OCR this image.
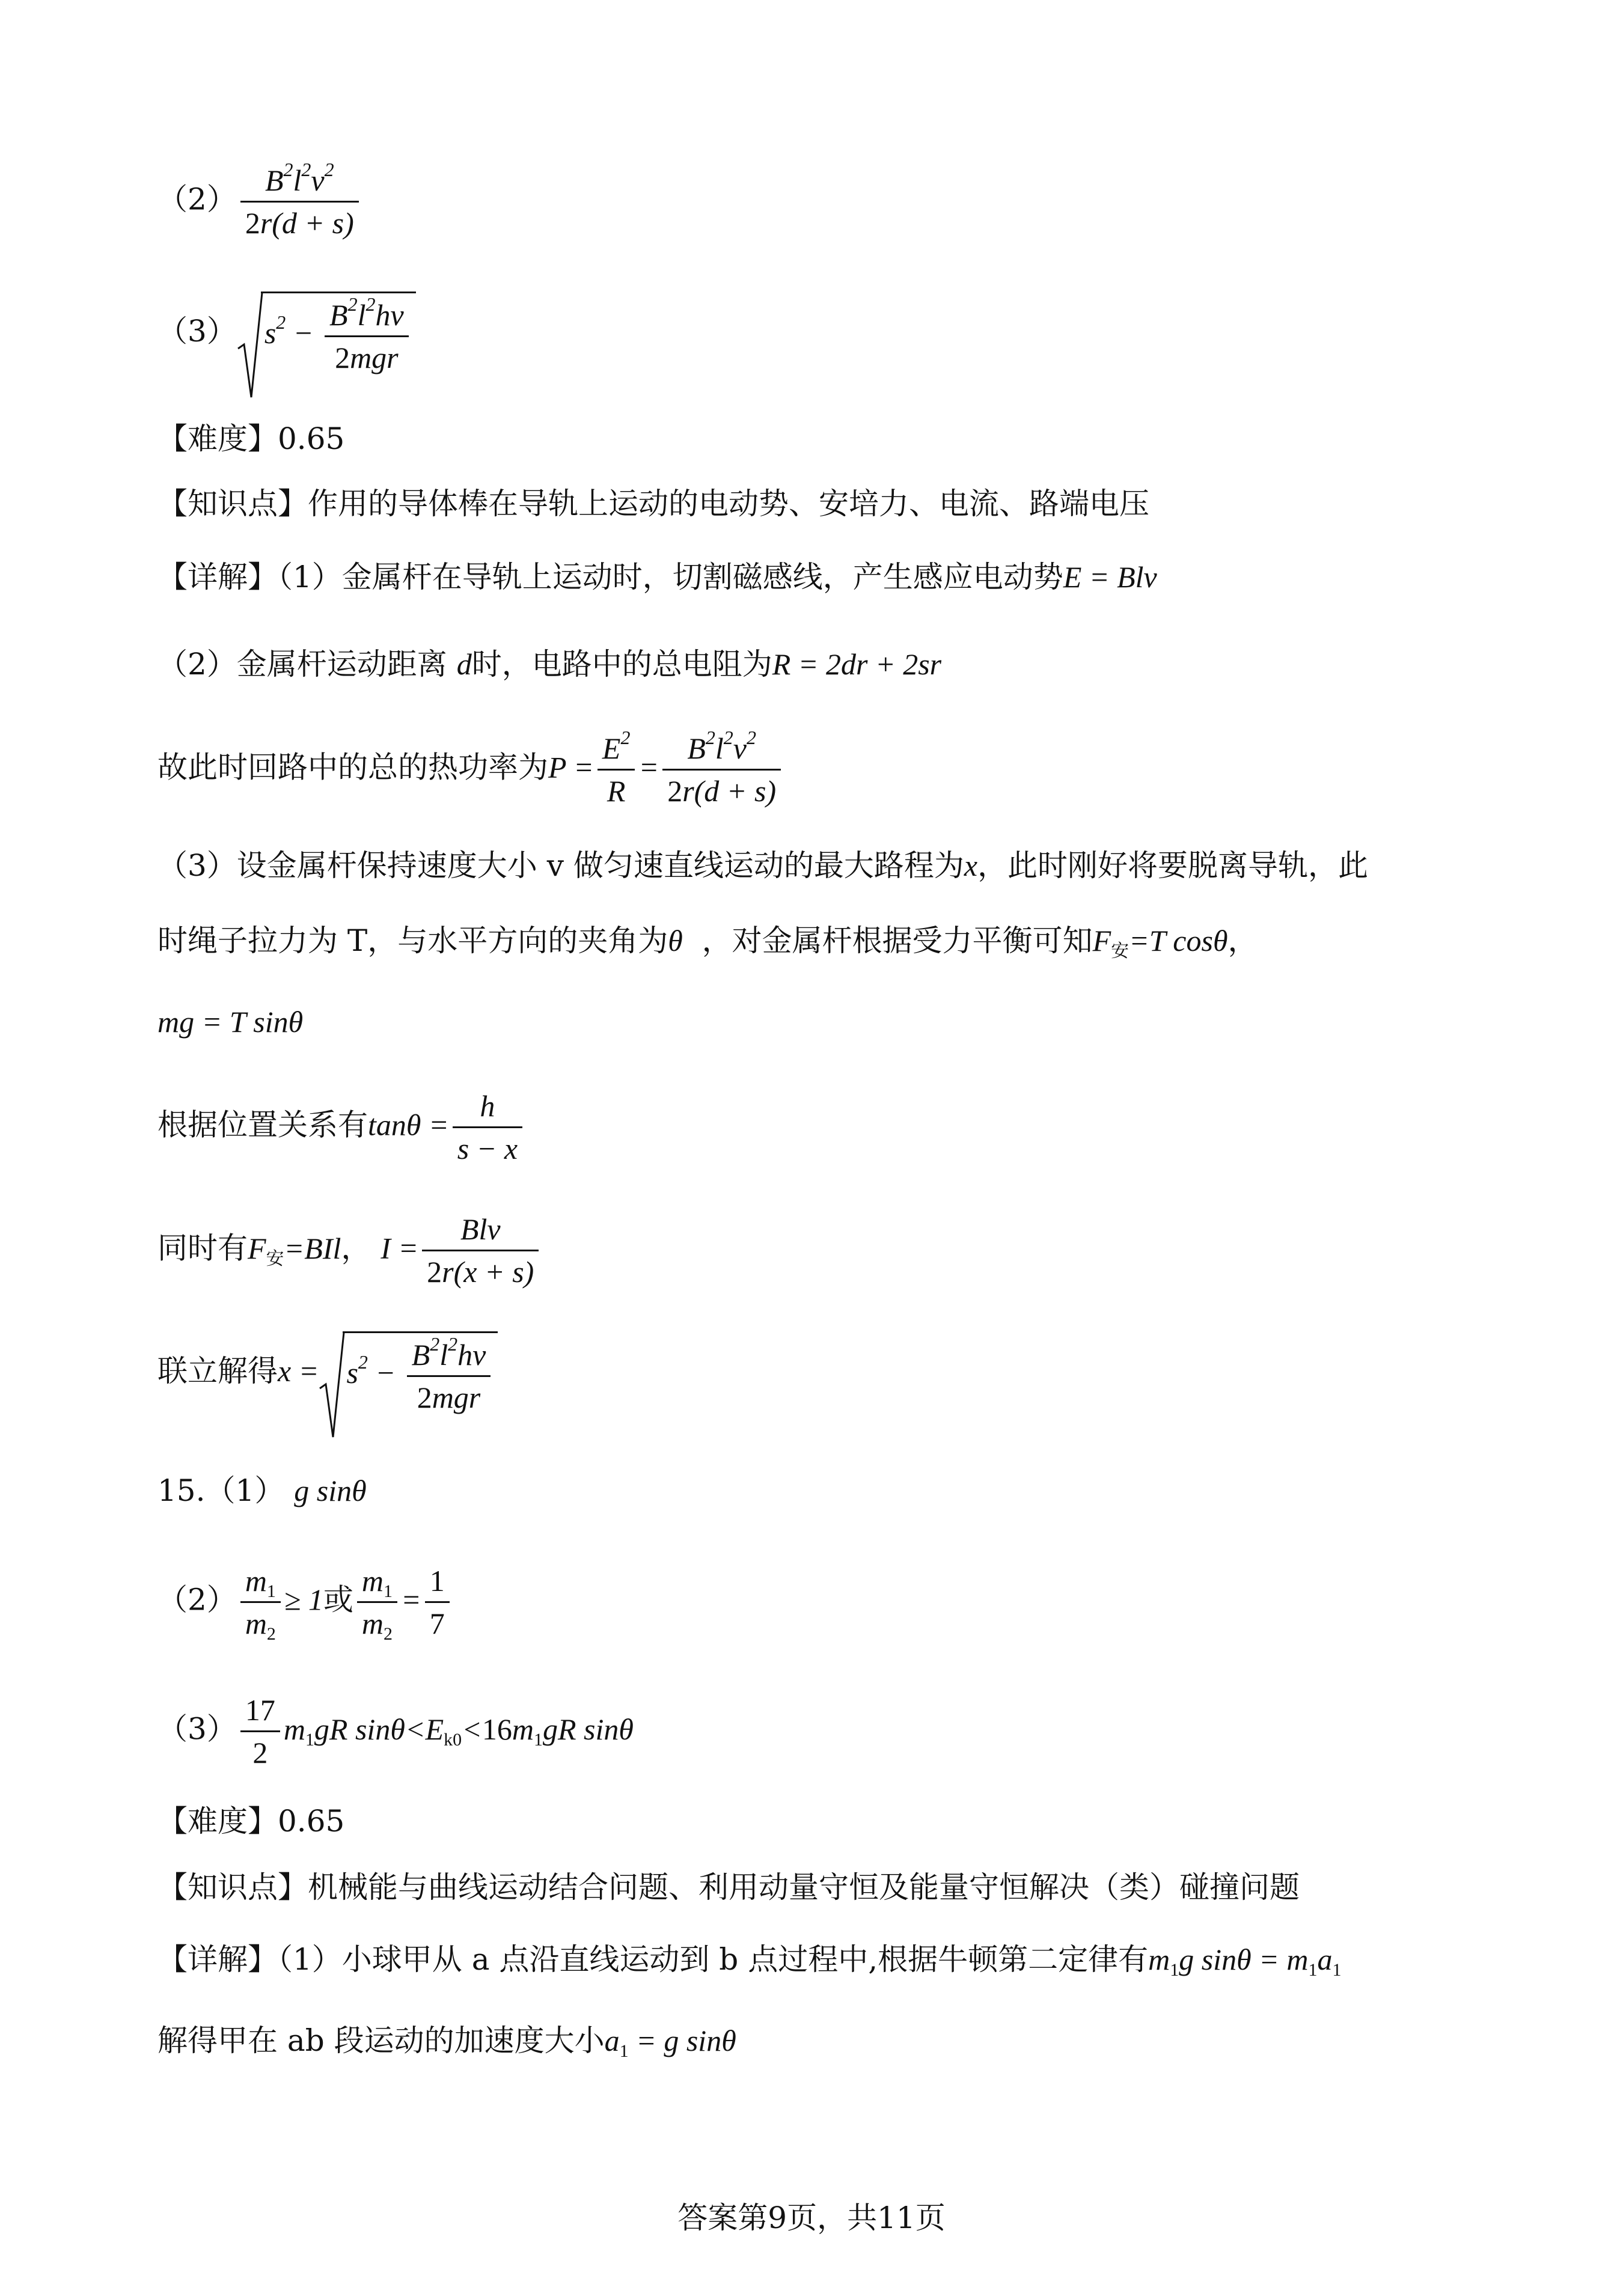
$(2) \frac{B^2l^2v^2}{2r(d + s)}$
（3） $s^2 - \frac{B^2l^2hv}{\text{2mgr}}$
【难度】0.65
【知识点】作用的导体棒在导轨上运动的电动势、安培力、电流、路端电压
【详解】（1）金属杆在导轨上运动时，切割磁感线，产生感应电动势E = Blv
（2）金属杆运动距离 d时，电路中的总电阻为R = 2dr + 2sr
故此时回路中的总的热功率为$P = \frac{E^2}{R} = \frac{B^2l^2v^2}{2r(d + s)}$
（3）设金属杆保持速度大小 v 做匀速直线运动的最大路程为x，此时刚好将要脱离导轨，此
时绳子拉力为 T，与水平方向的夹角为θ ，对金属杆根据受力平衡可知$F_安=T$ cosθ，
mg = T sinθ
根据位置关系有$\tan\theta = \frac{h}{s - x}$
同时有$F_安=BIl$， $I = \frac{\text{Blv}}{2r(x + s)}$
联立解得$x = s^2 - \frac{B^2l^2hv}{\text{2mgr}}$
15.（1） g sinθ
$(2) \frac{m_1}{m_2} \ge 1$或 $\frac{m_1}{m_2} = \frac{1}{7}$
$(3) \frac{17}{2} m_1gR$ $\sin\theta<E_{k0}<16m_1gR$ sinθ
【难度】0.65
【知识点】机械能与曲线运动结合问题、利用动量守恒及能量守恒解决（类）碰撞问题
【详解】（1）小球甲从 a 点沿直线运动到 b 点过程中,根据牛顿第二定律有$m_1g$ $\sin\theta = m_1a_1$
解得甲在 ab 段运动的加速度大小$a_1 = g$ sinθ
答案第9页，共11页
